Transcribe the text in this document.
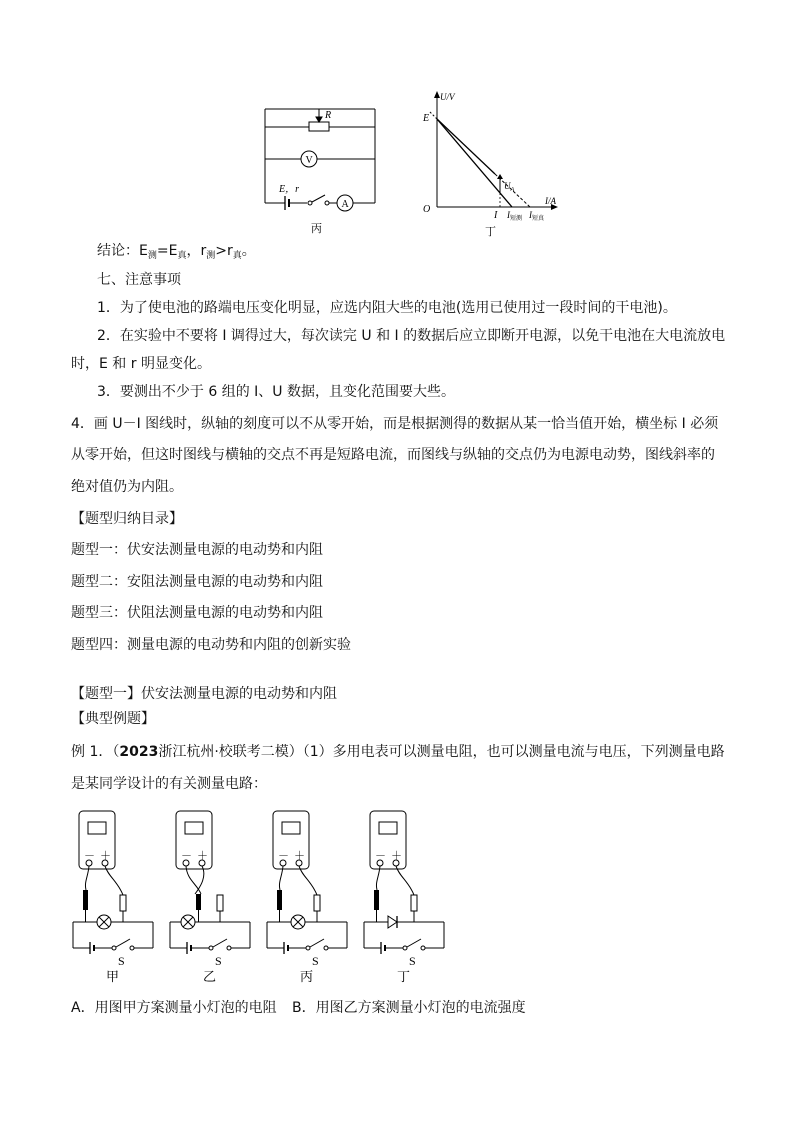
R
V
E，r
A
丙
U/V
I/A
E
O
I
$U_A$
$I_{短测}$ $I_{短真}$
丁
结论：$E_测=E_真$，$r_测>r_真$。
七、注意事项
1．为了使电池的路端电压变化明显，应选内阻大些的电池(选用已使用过一段时间的干电池)。
2．在实验中不要将 I 调得过大，每次读完 U 和 I 的数据后应立即断开电源，以免干电池在大电流放电
时，E 和 r 明显变化。
3．要测出不少于 6 组的 I、U 数据，且变化范围要大些。
4．画 U－I 图线时，纵轴的刻度可以不从零开始，而是根据测得的数据从某一恰当值开始，横坐标 I 必须
从零开始，但这时图线与横轴的交点不再是短路电流，而图线与纵轴的交点仍为电源电动势，图线斜率的
绝对值仍为内阻。
【题型归纳目录】
题型一：伏安法测量电源的电动势和内阻
题型二：安阻法测量电源的电动势和内阻
题型三：伏阻法测量电源的电动势和内阻
题型四：测量电源的电动势和内阻的创新实验
【题型一】伏安法测量电源的电动势和内阻
【典型例题】
例 1．（2023浙江杭州·校联考二模）（1）多用电表可以测量电阻，也可以测量电流与电压，下列测量电路
是某同学设计的有关测量电路：
－ ＋	－ ＋	－ ＋	－ ＋
S	S	S	S
甲	乙	丙	丁
A．用图甲方案测量小灯泡的电阻 B．用图乙方案测量小灯泡的电流强度
